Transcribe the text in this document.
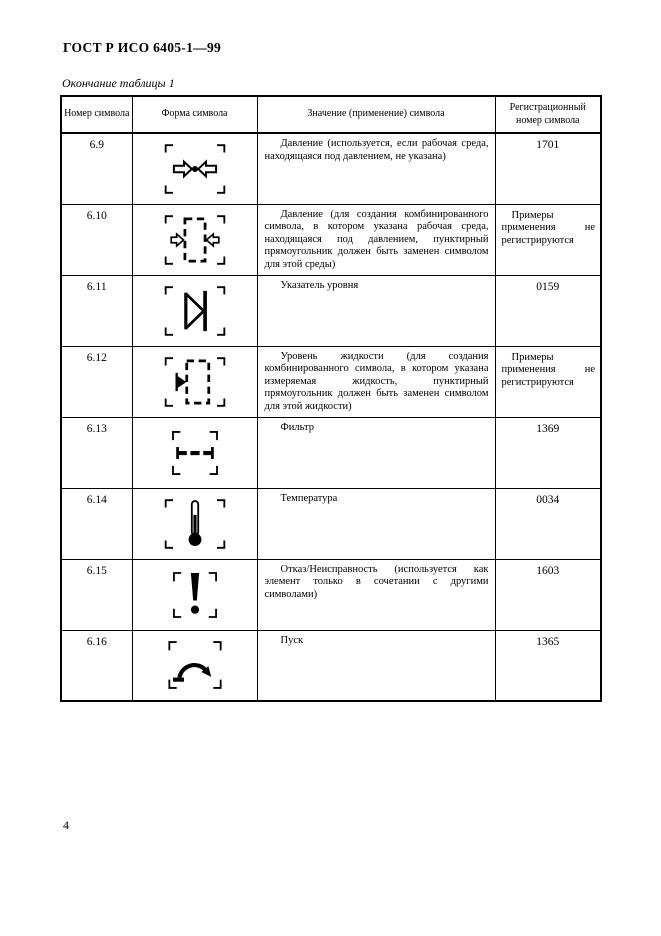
ГОСТ Р ИСО 6405-1—99
Окончание таблицы 1
Номер символа	Форма символа	Значение (применение) символа	Регистрационный номер символа
6.9		Давление (используется, если рабочая среда, находящаяся под давлением, не указана)	1701
6.10		Давление (для создания комбинированного символа, в котором указана рабочая среда, находящаяся под давлением, пунктирный прямоугольник должен быть заменен символом для этой среды)	Примеры применения не регистрируются

6.11		Указатель уровня	0159
6.12		Уровень жидкости (для создания комбинированного символа, в котором указана измеряемая жидкость, пунктирный прямоугольник должен быть заменен символом для этой жидкости)	Примеры применения не регистрируются

6.13		Фильтр	1369
6.14		Температура	0034
6.15		Отказ/Неисправность (используется как элемент только в сочетании с другими символами)	1603
6.16		Пуск	1365
4
